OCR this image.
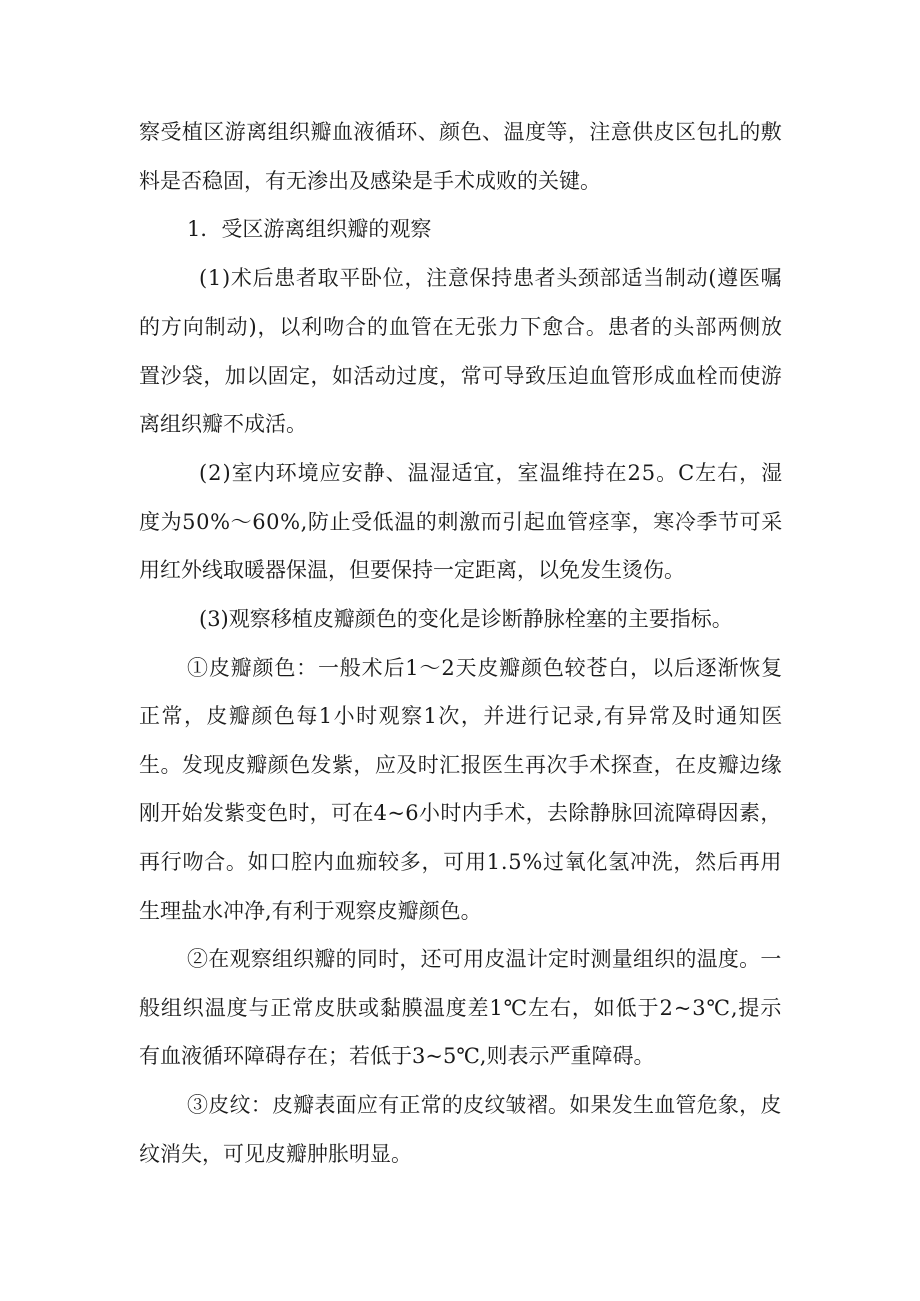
察受植区游离组织瓣血液循环、颜色、温度等，注意供皮区包扎的敷
料是否稳固，有无渗出及感染是手术成败的关键。
1．受区游离组织瓣的观察
(1)术后患者取平卧位，注意保持患者头颈部适当制动(遵医嘱
的方向制动)，以利吻合的血管在无张力下愈合。患者的头部两侧放
置沙袋，加以固定，如活动过度，常可导致压迫血管形成血栓而使游
离组织瓣不成活。
(2)室内环境应安静、温湿适宜，室温维持在25。C左右，湿
度为50%～60%,防止受低温的刺激而引起血管痉挛，寒冷季节可采
用红外线取暖器保温，但要保持一定距离，以免发生烫伤。
(3)观察移植皮瓣颜色的变化是诊断静脉栓塞的主要指标。
①皮瓣颜色：一般术后1～2天皮瓣颜色较苍白，以后逐渐恢复
正常，皮瓣颜色每1小时观察1次，并进行记录,有异常及时通知医
生。发现皮瓣颜色发紫，应及时汇报医生再次手术探查，在皮瓣边缘
刚开始发紫变色时，可在4~6小时内手术，去除静脉回流障碍因素，
再行吻合。如口腔内血痂较多，可用1.5%过氧化氢冲洗，然后再用
生理盐水冲净,有利于观察皮瓣颜色。
②在观察组织瓣的同时，还可用皮温计定时测量组织的温度。一
般组织温度与正常皮肤或黏膜温度差1℃左右，如低于2~3℃,提示
有血液循环障碍存在；若低于3~5℃,则表示严重障碍。
③皮纹：皮瓣表面应有正常的皮纹皱褶。如果发生血管危象，皮
纹消失，可见皮瓣肿胀明显。
